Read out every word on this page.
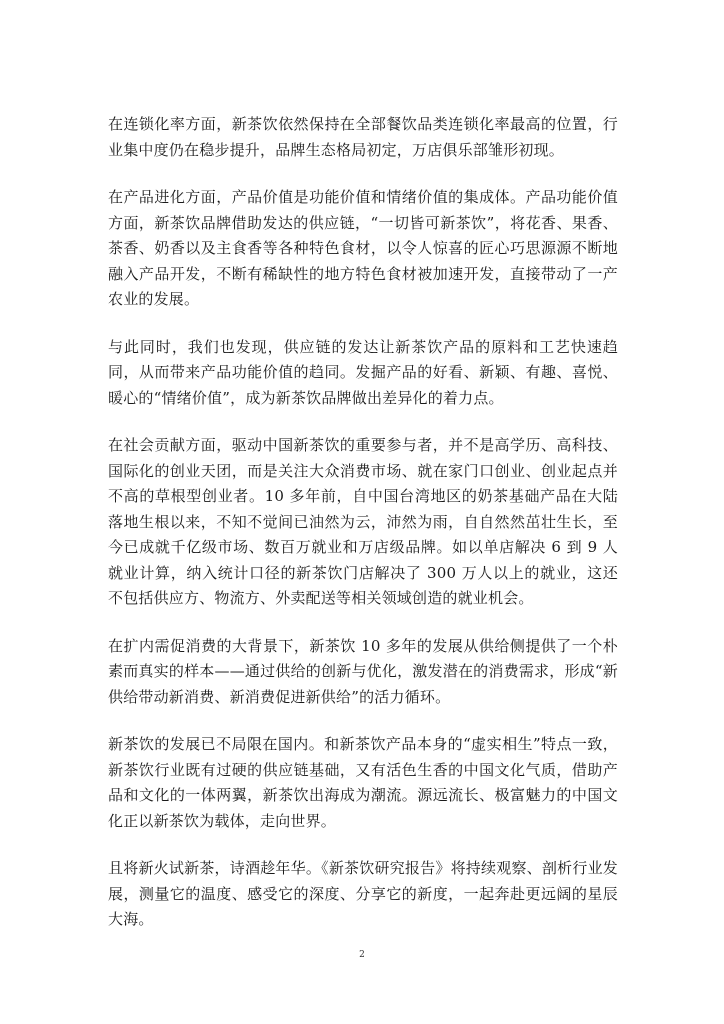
在连锁化率方面，新茶饮依然保持在全部餐饮品类连锁化率最高的位置，行业集中度仍在稳步提升，品牌生态格局初定，万店俱乐部雏形初现。

在产品进化方面，产品价值是功能价值和情绪价值的集成体。产品功能价值方面，新茶饮品牌借助发达的供应链，“一切皆可新茶饮”，将花香、果香、茶香、奶香以及主食香等各种特色食材，以令人惊喜的匠心巧思源源不断地融入产品开发，不断有稀缺性的地方特色食材被加速开发，直接带动了一产农业的发展。

与此同时，我们也发现，供应链的发达让新茶饮产品的原料和工艺快速趋同，从而带来产品功能价值的趋同。发掘产品的好看、新颖、有趣、喜悦、暖心的“情绪价值”，成为新茶饮品牌做出差异化的着力点。

在社会贡献方面，驱动中国新茶饮的重要参与者，并不是高学历、高科技、国际化的创业天团，而是关注大众消费市场、就在家门口创业、创业起点并不高的草根型创业者。10 多年前，自中国台湾地区的奶茶基础产品在大陆落地生根以来，不知不觉间已油然为云，沛然为雨，自自然然茁壮生长，至今已成就千亿级市场、数百万就业和万店级品牌。如以单店解决 6 到 9 人就业计算，纳入统计口径的新茶饮门店解决了 300 万人以上的就业，这还不包括供应方、物流方、外卖配送等相关领域创造的就业机会。

在扩内需促消费的大背景下，新茶饮 10 多年的发展从供给侧提供了一个朴素而真实的样本——通过供给的创新与优化，激发潜在的消费需求，形成“新供给带动新消费、新消费促进新供给”的活力循环。

新茶饮的发展已不局限在国内。和新茶饮产品本身的“虚实相生”特点一致，新茶饮行业既有过硬的供应链基础，又有活色生香的中国文化气质，借助产品和文化的一体两翼，新茶饮出海成为潮流。源远流长、极富魅力的中国文化正以新茶饮为载体，走向世界。

且将新火试新茶，诗酒趁年华。《新茶饮研究报告》将持续观察、剖析行业发展，测量它的温度、感受它的深度、分享它的新度，一起奔赴更远阔的星辰大海。

2
